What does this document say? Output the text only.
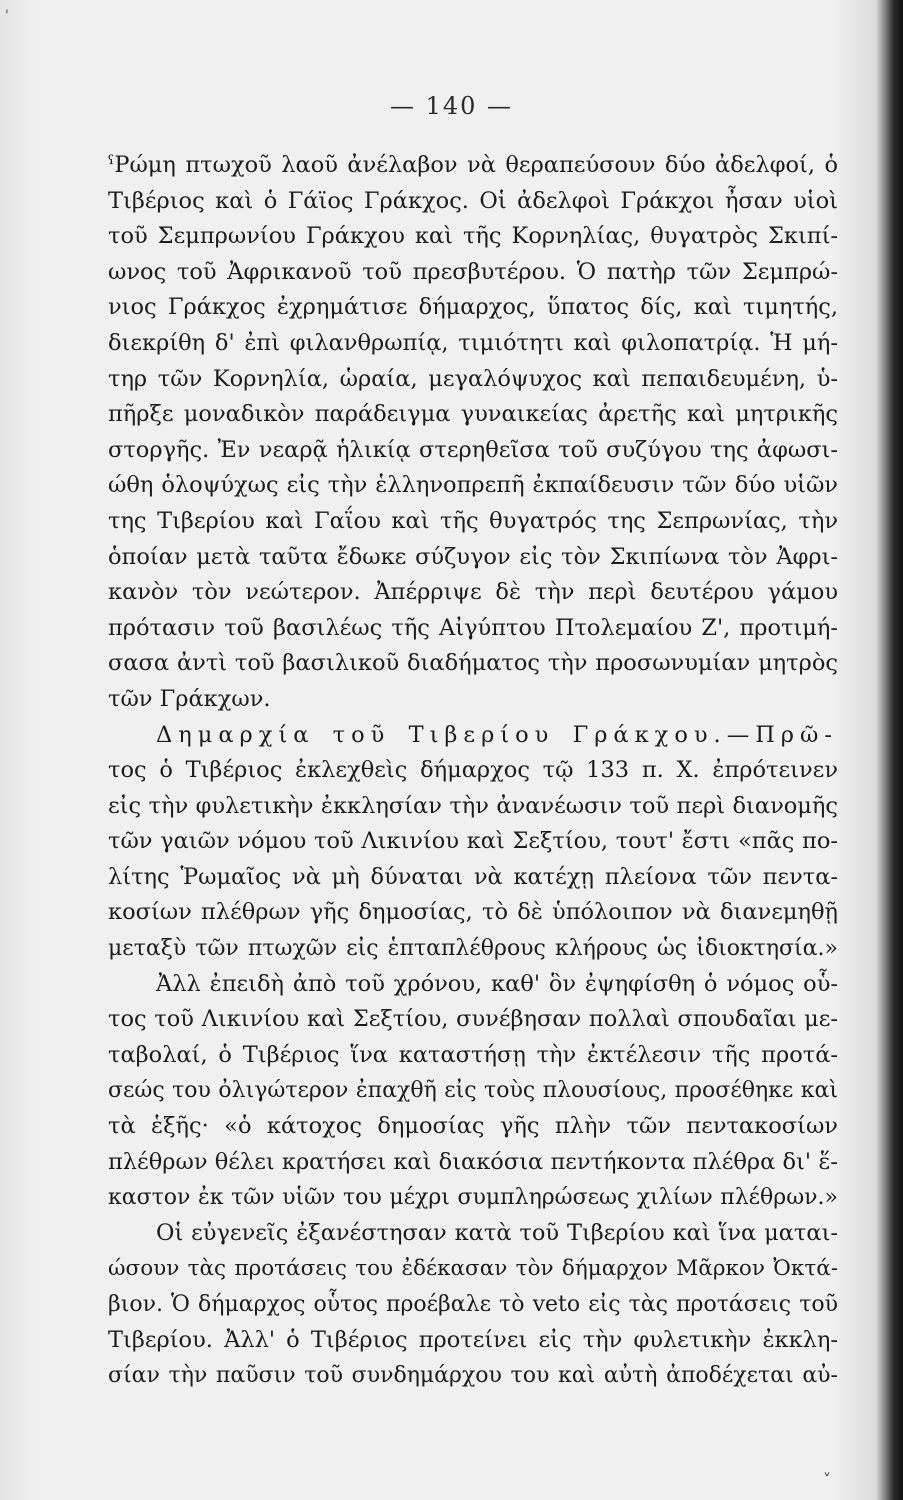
'
— 140 —
ˁΡώμη πτωχοῦ λαοῦ ἀνέλαβον νὰ θεραπεύσουν δύο ἀδελφοί, ὁ
Τιβέριος καὶ ὁ Γάϊος Γράκχος. Οἱ ἀδελφοὶ Γράκχοι ἦσαν υἱοὶ
τοῦ Σεμπρωνίου Γράκχου καὶ τῆς Κορνηλίας, θυγατρὸς Σκιπί-
ωνος τοῦ Ἀφρικανοῦ τοῦ πρεσβυτέρου. Ὁ πατὴρ τῶν Σεμπρώ-
νιος Γράκχος ἐχρημάτισε δήμαρχος, ὕπατος δίς, καὶ τιμητής,
διεκρίθη δ' ἐπὶ φιλανθρωπίᾳ, τιμιότητι καὶ φιλοπατρίᾳ. Ἡ μή-
τηρ τῶν Κορνηλία, ὡραία, μεγαλόψυχος καὶ πεπαιδευμένη, ὑ-
πῆρξε μοναδικὸν παράδειγμα γυναικείας ἀρετῆς καὶ μητρικῆς
στοργῆς. Ἐν νεαρᾷ ἡλικίᾳ στερηθεῖσα τοῦ συζύγου της ἀφωσι-
ώθη ὁλοψύχως εἰς τὴν ἑλληνοπρεπῆ ἐκπαίδευσιν τῶν δύο υἱῶν
της Τιβερίου καὶ Γαΐου καὶ τῆς θυγατρός της Σεπρωνίας, τὴν
ὁποίαν μετὰ ταῦτα ἔδωκε σύζυγον εἰς τὸν Σκιπίωνα τὸν Ἀφρι-
κανὸν τὸν νεώτερον. Ἀπέρριψε δὲ τὴν περὶ δευτέρου γάμου
πρότασιν τοῦ βασιλέως τῆς Αἰγύπτου Πτολεμαίου Ζ', προτιμή-
σασα ἀντὶ τοῦ βασιλικοῦ διαδήματος τὴν προσωνυμίαν μητρὸς
τῶν Γράκχων.
Δημαρχία τοῦ Τιβερίου Γράκχου.—Πρῶ-
τος ὁ Τιβέριος ἐκλεχθεὶς δήμαρχος τῷ 133 π. Χ. ἐπρότεινεν
εἰς τὴν φυλετικὴν ἐκκλησίαν τὴν ἀνανέωσιν τοῦ περὶ διανομῆς
τῶν γαιῶν νόμου τοῦ Λικινίου καὶ Σεξτίου, τουτ' ἔστι «πᾶς πο-
λίτης Ῥωμαῖος νὰ μὴ δύναται νὰ κατέχῃ πλείονα τῶν πεντα-
κοσίων πλέθρων γῆς δημοσίας, τὸ δὲ ὑπόλοιπον νὰ διανεμηθῇ
μεταξὺ τῶν πτωχῶν εἰς ἑπταπλέθρους κλήρους ὡς ἰδιοκτησία.»
Ἀλλ ἐπειδὴ ἀπὸ τοῦ χρόνου, καθ' ὃν ἐψηφίσθη ὁ νόμος οὗ-
τος τοῦ Λικινίου καὶ Σεξτίου, συνέβησαν πολλαὶ σπουδαῖαι με-
ταβολαί, ὁ Τιβέριος ἵνα καταστήσῃ τὴν ἐκτέλεσιν τῆς προτά-
σεώς του ὀλιγώτερον ἐπαχθῆ εἰς τοὺς πλουσίους, προσέθηκε καὶ
τὰ ἑξῆς· «ὁ κάτοχος δημοσίας γῆς πλὴν τῶν πεντακοσίων
πλέθρων θέλει κρατήσει καὶ διακόσια πεντήκοντα πλέθρα δι' ἕ-
καστον ἐκ τῶν υἱῶν του μέχρι συμπληρώσεως χιλίων πλέθρων.»
Οἱ εὐγενεῖς ἐξανέστησαν κατὰ τοῦ Τιβερίου καὶ ἵνα μαται-
ώσουν τὰς προτάσεις του ἐδέκασαν τὸν δήμαρχον Μᾶρκον Ὀκτά-
βιον. Ὁ δήμαρχος οὗτος προέβαλε τὸ veto εἰς τὰς προτάσεις τοῦ
Τιβερίου. Ἀλλ' ὁ Τιβέριος προτείνει εἰς τὴν φυλετικὴν ἐκκλη-
σίαν τὴν παῦσιν τοῦ συνδημάρχου του καὶ αὐτὴ ἀποδέχεται αὐ-
˅
